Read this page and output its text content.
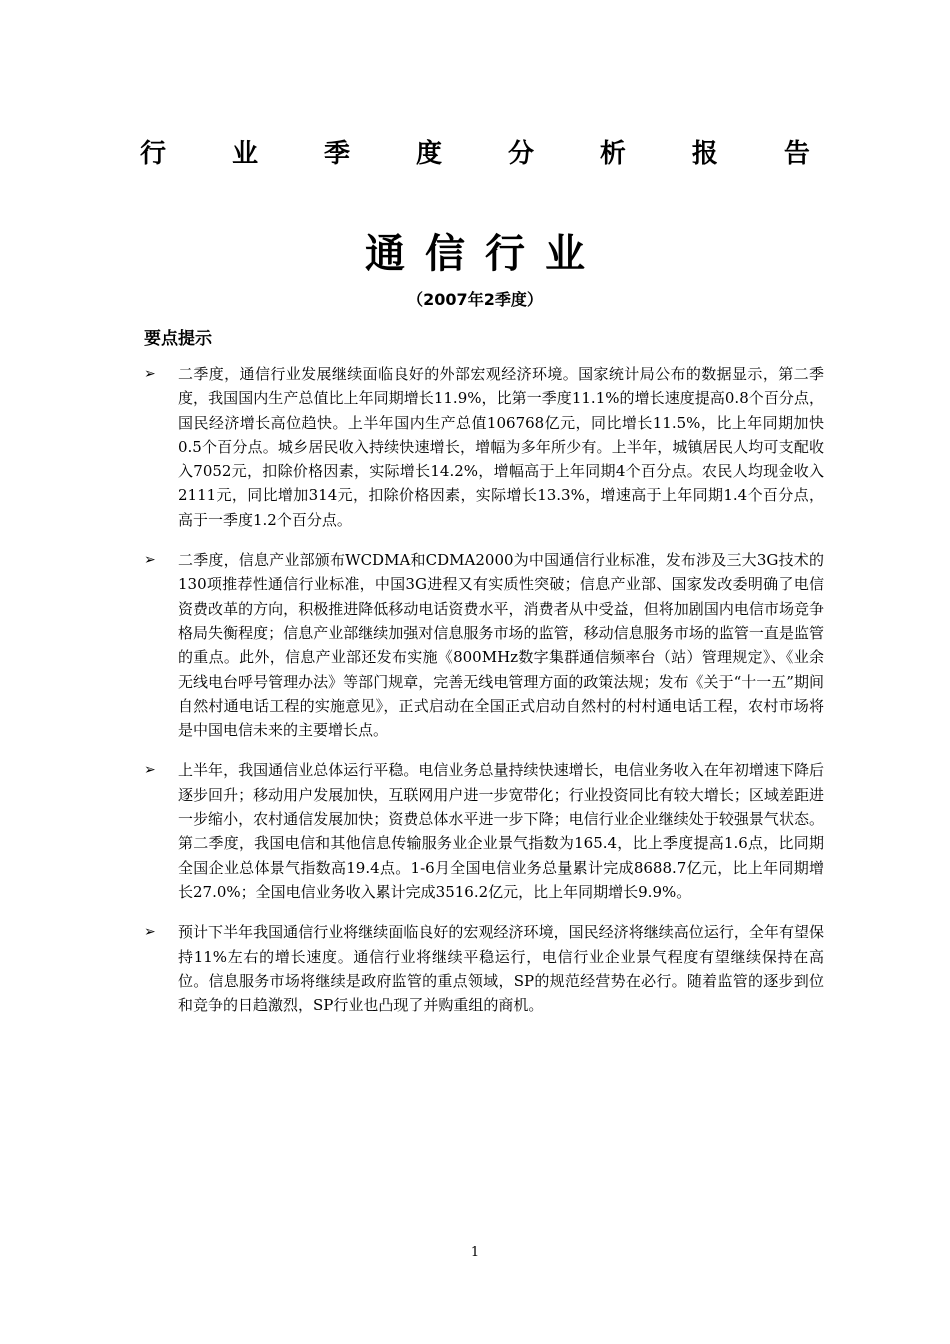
行	业	季	度	分	析	报	告
通信行业
（2007年2季度）
要点提示
➢ 二季度，通信行业发展继续面临良好的外部宏观经济环境。国家统计局公布的数据显示，第二季度，我国国内生产总值比上年同期增长11.9%，比第一季度11.1%的增长速度提高0.8个百分点，国民经济增长高位趋快。上半年国内生产总值106768亿元，同比增长11.5%，比上年同期加快0.5个百分点。城乡居民收入持续快速增长，增幅为多年所少有。上半年，城镇居民人均可支配收入7052元，扣除价格因素，实际增长14.2%，增幅高于上年同期4个百分点。农民人均现金收入2111元，同比增加314元，扣除价格因素，实际增长13.3%，增速高于上年同期1.4个百分点，高于一季度1.2个百分点。
➢ 二季度，信息产业部颁布WCDMA和CDMA2000为中国通信行业标准，发布涉及三大3G技术的130项推荐性通信行业标准，中国3G进程又有实质性突破；信息产业部、国家发改委明确了电信资费改革的方向，积极推进降低移动电话资费水平，消费者从中受益，但将加剧国内电信市场竞争格局失衡程度；信息产业部继续加强对信息服务市场的监管，移动信息服务市场的监管一直是监管的重点。此外，信息产业部还发布实施《800MHz数字集群通信频率台（站）管理规定》、《业余无线电台呼号管理办法》等部门规章，完善无线电管理方面的政策法规；发布《关于“十一五”期间自然村通电话工程的实施意见》，正式启动在全国正式启动自然村的村村通电话工程，农村市场将是中国电信未来的主要增长点。
➢ 上半年，我国通信业总体运行平稳。电信业务总量持续快速增长，电信业务收入在年初增速下降后逐步回升；移动用户发展加快，互联网用户进一步宽带化；行业投资同比有较大增长；区域差距进一步缩小，农村通信发展加快；资费总体水平进一步下降；电信行业企业继续处于较强景气状态。第二季度，我国电信和其他信息传输服务业企业景气指数为165.4，比上季度提高1.6点，比同期全国企业总体景气指数高19.4点。1-6月全国电信业务总量累计完成8688.7亿元，比上年同期增长27.0%；全国电信业务收入累计完成3516.2亿元，比上年同期增长9.9%。
➢ 预计下半年我国通信行业将继续面临良好的宏观经济环境，国民经济将继续高位运行，全年有望保持11%左右的增长速度。通信行业将继续平稳运行，电信行业企业景气程度有望继续保持在高位。信息服务市场将继续是政府监管的重点领域，SP的规范经营势在必行。随着监管的逐步到位和竞争的日趋激烈，SP行业也凸现了并购重组的商机。
1
